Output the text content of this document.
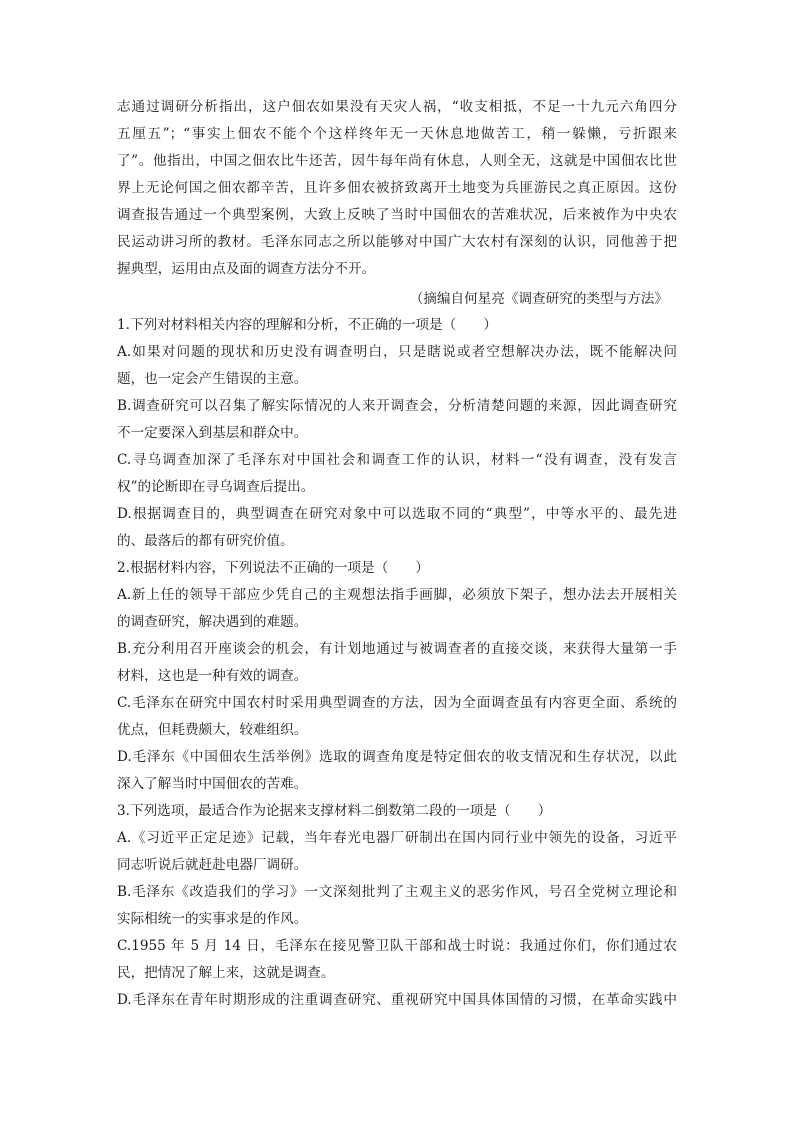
志通过调研分析指出，这户佃农如果没有天灾人祸，“收支相抵，不足一十九元六角四分
五厘五”；“事实上佃农不能个个这样终年无一天休息地做苦工，稍一躲懒，亏折跟来
了”。他指出，中国之佃农比牛还苦，因牛每年尚有休息，人则全无，这就是中国佃农比世
界上无论何国之佃农都辛苦，且许多佃农被挤致离开土地变为兵匪游民之真正原因。这份
调查报告通过一个典型案例，大致上反映了当时中国佃农的苦难状况，后来被作为中央农
民运动讲习所的教材。毛泽东同志之所以能够对中国广大农村有深刻的认识，同他善于把
握典型，运用由点及面的调查方法分不开。
（摘编自何星亮《调查研究的类型与方法》
1.下列对材料相关内容的理解和分析，不正确的一项是（　　）
A.如果对问题的现状和历史没有调查明白，只是瞎说或者空想解决办法，既不能解决问
题，也一定会产生错误的主意。
B.调查研究可以召集了解实际情况的人来开调查会，分析清楚问题的来源，因此调查研究
不一定要深入到基层和群众中。
C.寻乌调查加深了毛泽东对中国社会和调查工作的认识，材料一“没有调查，没有发言
权”的论断即在寻乌调查后提出。
D.根据调查目的，典型调查在研究对象中可以选取不同的“典型”，中等水平的、最先进
的、最落后的都有研究价值。
2.根据材料内容，下列说法不正确的一项是（　　）
A.新上任的领导干部应少凭自己的主观想法指手画脚，必须放下架子，想办法去开展相关
的调查研究，解决遇到的难题。
B.充分利用召开座谈会的机会，有计划地通过与被调查者的直接交谈，来获得大量第一手
材料，这也是一种有效的调查。
C.毛泽东在研究中国农村时采用典型调查的方法，因为全面调查虽有内容更全面、系统的
优点，但耗费颇大，较难组织。
D.毛泽东《中国佃农生活举例》选取的调查角度是特定佃农的收支情况和生存状况，以此
深入了解当时中国佃农的苦难。
3.下列选项，最适合作为论据来支撑材料二倒数第二段的一项是（　　）
A.《习近平正定足迹》记载，当年春光电器厂研制出在国内同行业中领先的设备，习近平
同志听说后就赶赴电器厂调研。
B.毛泽东《改造我们的学习》一文深刻批判了主观主义的恶劣作风，号召全党树立理论和
实际相统一的实事求是的作风。
C.1955 年 5 月 14 日，毛泽东在接见警卫队干部和战士时说：我通过你们，你们通过农
民，把情况了解上来，这就是调查。
D.毛泽东在青年时期形成的注重调查研究、重视研究中国具体国情的习惯，在革命实践中
